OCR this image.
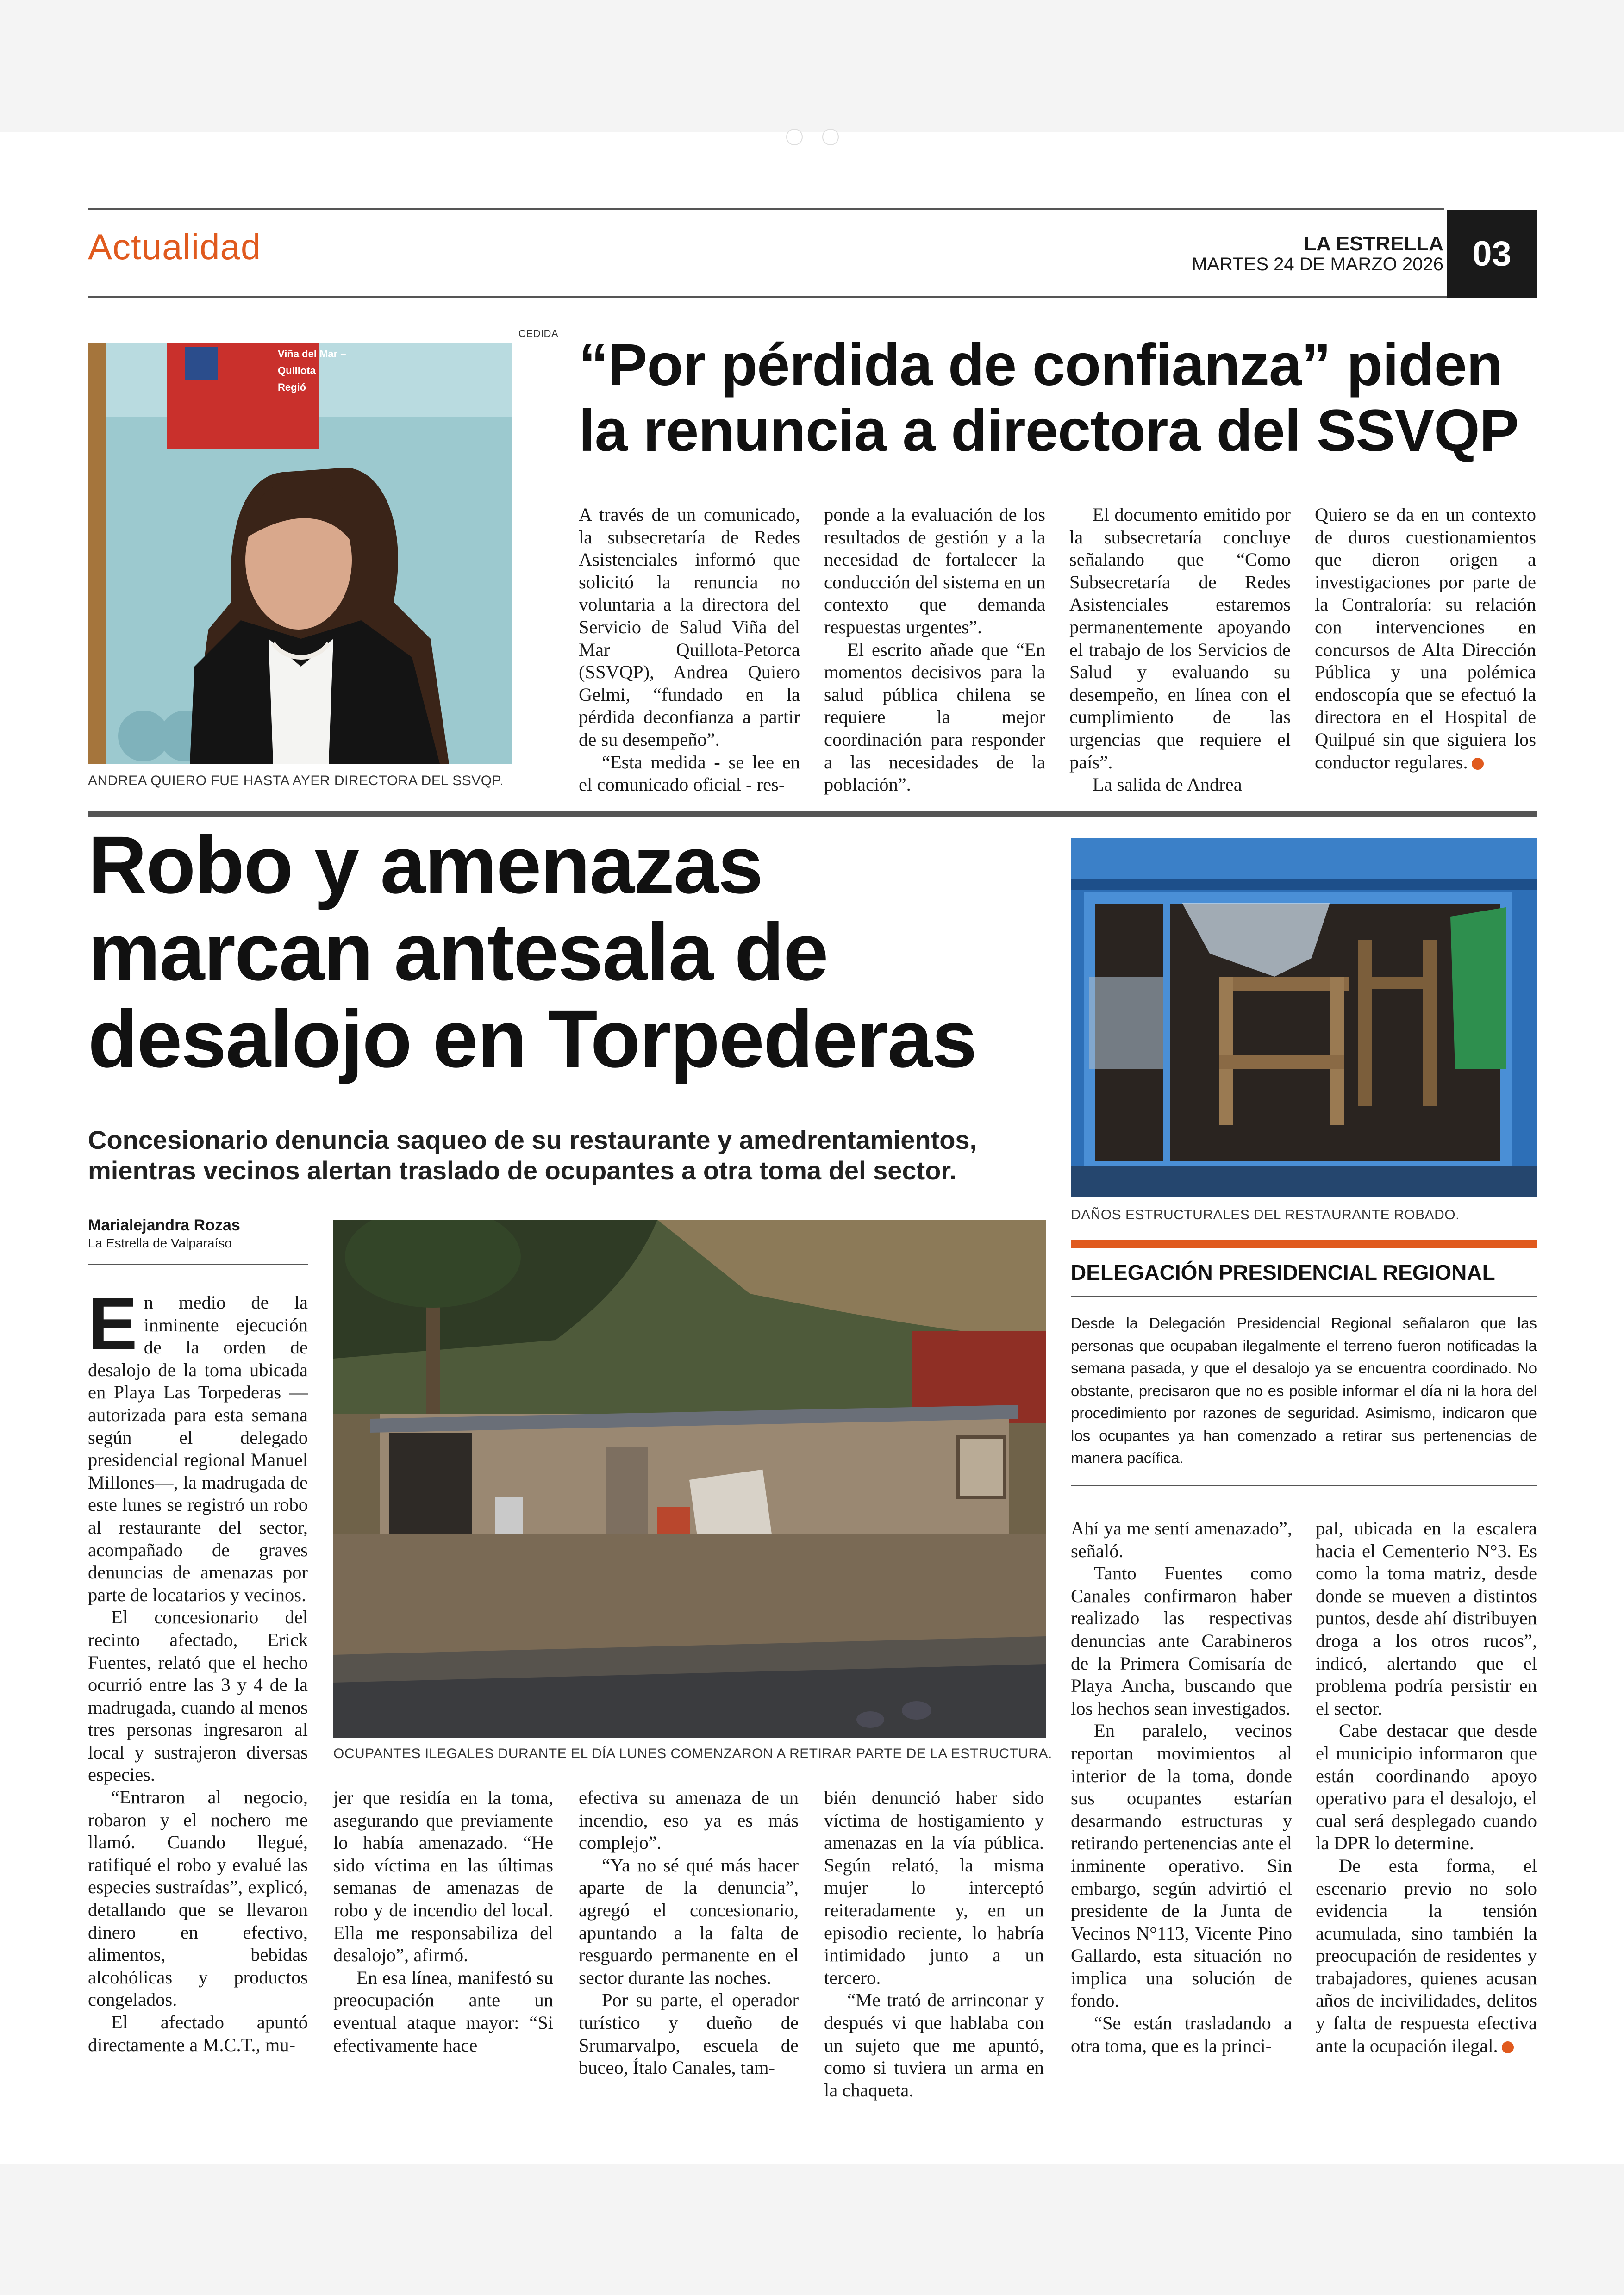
Actualidad	LA ESTRELLA
MARTES 24 DE MARZO 2026 03
Viña del Mar –
Quillota
Regió
CEDIDA
ANDREA QUIERO FUE HASTA AYER DIRECTORA DEL SSVQP.
“Por pérdida de confianza” piden
la renuncia a directora del SSVQP

A través de un comunicado, la subsecretaría de Redes Asistenciales informó que solicitó la renuncia no voluntaria a la directora del Servicio de Salud Viña del Mar Quillota-Petorca (SSVQP), Andrea Quiero Gelmi, “fundado en la pérdida deconfianza a partir de su desempeño”.

“Esta medida - se lee en el comunicado oficial - res-

ponde a la evaluación de los resultados de gestión y a la necesidad de fortalecer la conducción del sistema en un contexto que demanda respuestas urgentes”.

El escrito añade que “En momentos decisivos para la salud pública chilena se requiere la mejor coordinación para responder a las necesidades de la población”.

El documento emitido por la subsecretaría concluye señalando que “Como Subsecretaría de Redes Asistenciales estaremos permanentemente apoyando el trabajo de los Servicios de Salud y evaluando su desempeño, en línea con el cumplimiento de las urgencias que requiere el país”.

La salida de Andrea

Quiero se da en un contexto de duros cuestionamientos que dieron origen a investigaciones por parte de la Contraloría: su relación con intervenciones en concursos de Alta Dirección Pública y una polémica endoscopía que se efectuó la directora en el Hospital de Quilpué sin que siguiera los conductor regulares.

Robo y amenazas
marcan antesala de
desalojo en Torpederas
Concesionario denuncia saqueo de su restaurante y amedrentamientos, mientras vecinos alertan traslado de ocupantes a otra toma del sector.
Marialejandra Rozas
La Estrella de Valparaíso
DAÑOS ESTRUCTURALES DEL RESTAURANTE ROBADO.
DELEGACIÓN PRESIDENCIAL REGIONAL
Desde la Delegación Presidencial Regional señalaron que las personas que ocupaban ilegalmente el terreno fueron notificadas la semana pasada, y que el desalojo ya se encuentra coordinado. No obstante, precisaron que no es posible informar el día ni la hora del procedimiento por razones de seguridad. Asimismo, indicaron que los ocupantes ya han comenzado a retirar sus pertenencias de manera pacífica.
OCUPANTES ILEGALES DURANTE EL DÍA LUNES COMENZARON A RETIRAR PARTE DE LA ESTRUCTURA.

En medio de la inminente ejecución de la orden de desalojo de la toma ubicada en Playa Las Torpederas —autorizada para esta semana según el delegado presidencial regional Manuel Millones—, la madrugada de este lunes se registró un robo al restaurante del sector, acompañado de graves denuncias de amenazas por parte de locatarios y vecinos.

El concesionario del recinto afectado, Erick Fuentes, relató que el hecho ocurrió entre las 3 y 4 de la madrugada, cuando al menos tres personas ingresaron al local y sustrajeron diversas especies.

“Entraron al negocio, robaron y el nochero me llamó. Cuando llegué, ratifiqué el robo y evalué las especies sustraídas”, explicó, detallando que se llevaron dinero en efectivo, alimentos, bebidas alcohólicas y productos congelados.

El afectado apuntó directamente a M.C.T., mu-

jer que residía en la toma, asegurando que previamente lo había amenazado. “He sido víctima en las últimas semanas de amenazas de robo y de incendio del local. Ella me responsabiliza del desalojo”, afirmó.

En esa línea, manifestó su preocupación ante un eventual ataque mayor: “Si efectivamente hace

efectiva su amenaza de un incendio, eso ya es más complejo”.

“Ya no sé qué más hacer aparte de la denuncia”, agregó el concesionario, apuntando a la falta de resguardo permanente en el sector durante las noches.

Por su parte, el operador turístico y dueño de Srumarvalpo, escuela de buceo, Ítalo Canales, tam-

bién denunció haber sido víctima de hostigamiento y amenazas en la vía pública. Según relató, la misma mujer lo interceptó reiteradamente y, en un episodio reciente, lo habría intimidado junto a un tercero.

“Me trató de arrinconar y después vi que hablaba con un sujeto que me apuntó, como si tuviera un arma en la chaqueta.

Ahí ya me sentí amenazado”, señaló.

Tanto Fuentes como Canales confirmaron haber realizado las respectivas denuncias ante Carabineros de la Primera Comisaría de Playa Ancha, buscando que los hechos sean investigados.

En paralelo, vecinos reportan movimientos al interior de la toma, donde sus ocupantes estarían desarmando estructuras y retirando pertenencias ante el inminente operativo. Sin embargo, según advirtió el presidente de la Junta de Vecinos N°113, Vicente Pino Gallardo, esta situación no implica una solución de fondo.

“Se están trasladando a otra toma, que es la princi-

pal, ubicada en la escalera hacia el Cementerio N°3. Es como la toma matriz, desde donde se mueven a distintos puntos, desde ahí distribuyen droga a los otros rucos”, indicó, alertando que el problema podría persistir en el sector.

Cabe destacar que desde el municipio informaron que están coordinando apoyo operativo para el desalojo, el cual será desplegado cuando la DPR lo determine.

De esta forma, el escenario previo no solo evidencia la tensión acumulada, sino también la preocupación de residentes y trabajadores, quienes acusan años de incivilidades, delitos y falta de respuesta efectiva ante la ocupación ilegal.
